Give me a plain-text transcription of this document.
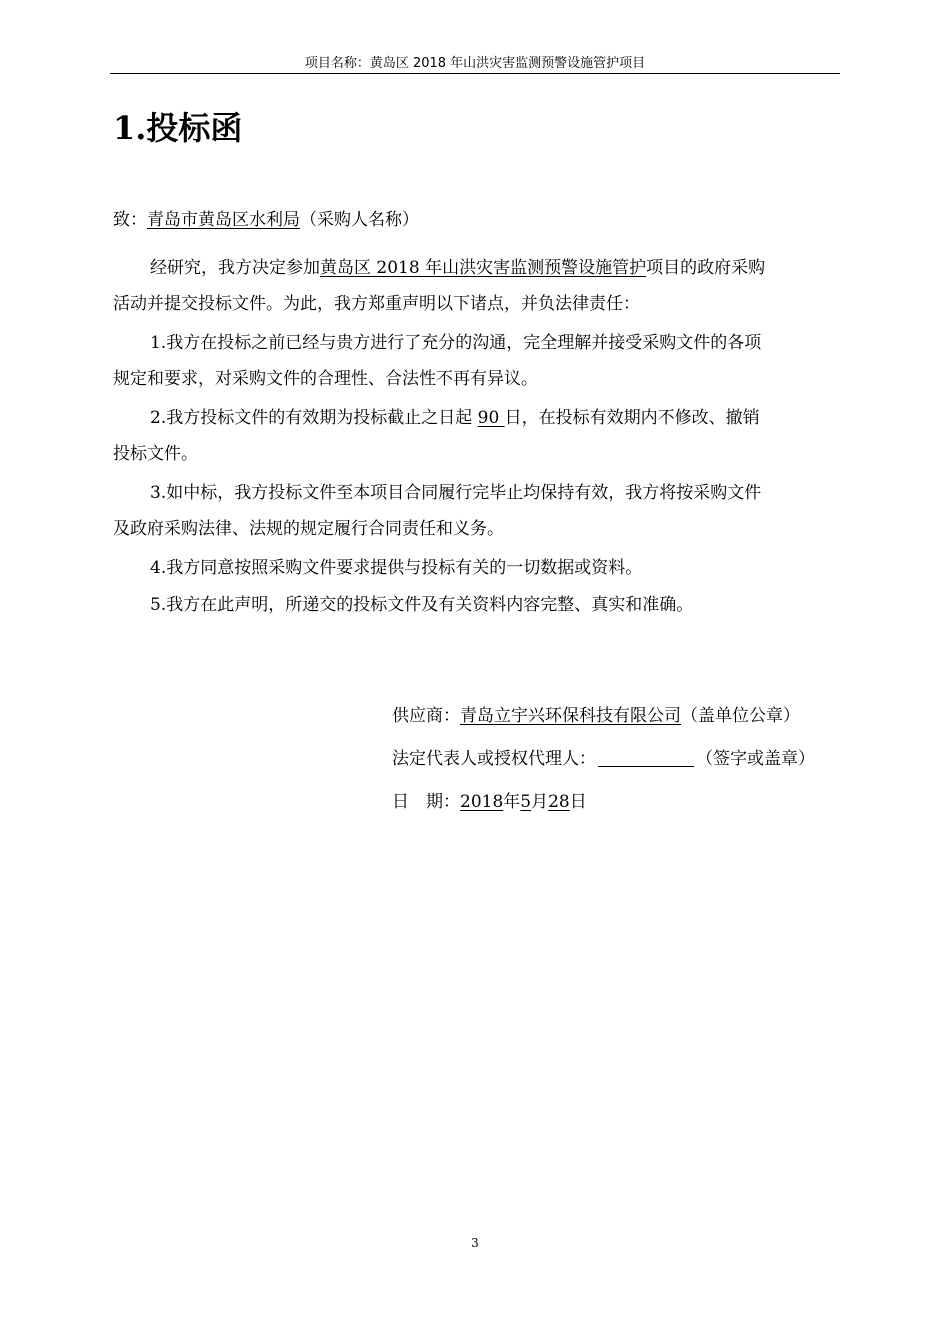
项目名称：黄岛区 2018 年山洪灾害监测预警设施管护项目
1.投标函
致：青岛市黄岛区水利局（采购人名称）
经研究，我方决定参加黄岛区 2018 年山洪灾害监测预警设施管护项目的政府采购
活动并提交投标文件。为此，我方郑重声明以下诸点，并负法律责任：
1.我方在投标之前已经与贵方进行了充分的沟通，完全理解并接受采购文件的各项
规定和要求，对采购文件的合理性、合法性不再有异议。
2.我方投标文件的有效期为投标截止之日起 90 日，在投标有效期内不修改、撤销
投标文件。
3.如中标，我方投标文件至本项目合同履行完毕止均保持有效，我方将按采购文件
及政府采购法律、法规的规定履行合同责任和义务。
4.我方同意按照采购文件要求提供与投标有关的一切数据或资料。
5.我方在此声明，所递交的投标文件及有关资料内容完整、真实和准确。
供应商：青岛立宇兴环保科技有限公司（盖单位公章）
法定代表人或授权代理人：	（签字或盖章）
日　期：2018年5月28日
3
